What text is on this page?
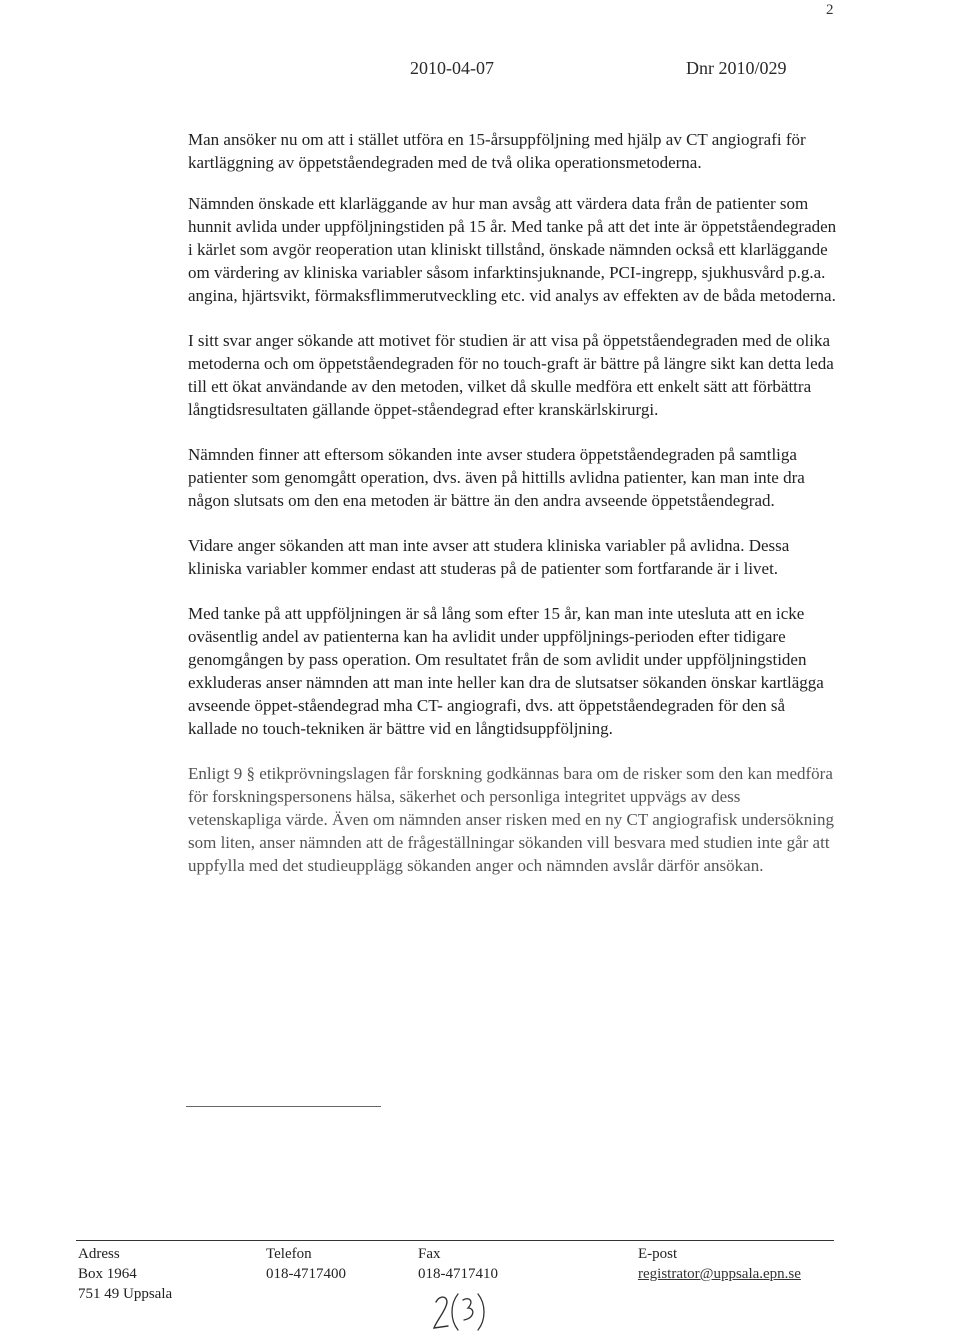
2
2010-04-07	Dnr 2010/029

Man ansöker nu om att i stället utföra en 15-årsuppföljning med hjälp av CT angiografi för kartläggning av öppetståendegraden med de två olika operationsmetoderna.

Nämnden önskade ett klarläggande av hur man avsåg att värdera data från de patienter som hunnit avlida under uppföljningstiden på 15 år. Med tanke på att det inte är öppetståendegraden i kärlet som avgör reoperation utan kliniskt tillstånd, önskade nämnden också ett klarläggande om värdering av kliniska variabler såsom infarktinsjuknande, PCI-ingrepp, sjukhusvård p.g.a. angina, hjärtsvikt, förmaksflimmerutveckling etc. vid analys av effekten av de båda metoderna.

I sitt svar anger sökande att motivet för studien är att visa på öppetståendegraden med de olika metoderna och om öppetståendegraden för no touch-graft är bättre på längre sikt kan detta leda till ett ökat användande av den metoden, vilket då skulle medföra ett enkelt sätt att förbättra långtidsresultaten gällande öppet-ståendegrad efter kranskärlskirurgi.

Nämnden finner att eftersom sökanden inte avser studera öppetståendegraden på samtliga patienter som genomgått operation, dvs. även på hittills avlidna patienter, kan man inte dra någon slutsats om den ena metoden är bättre än den andra avseende öppetståendegrad.

Vidare anger sökanden att man inte avser att studera kliniska variabler på avlidna. Dessa kliniska variabler kommer endast att studeras på de patienter som fortfarande är i livet.

Med tanke på att uppföljningen är så lång som efter 15 år, kan man inte utesluta att en icke oväsentlig andel av patienterna kan ha avlidit under uppföljnings-perioden efter tidigare genomgången by pass operation. Om resultatet från de som avlidit under uppföljningstiden exkluderas anser nämnden att man inte heller kan dra de slutsatser sökanden önskar kartlägga avseende öppet-ståendegrad mha CT- angiografi, dvs. att öppetståendegraden för den så kallade no touch-tekniken är bättre vid en långtidsuppföljning.

Enligt 9 § etikprövningslagen får forskning godkännas bara om de risker som den kan medföra för forskningspersonens hälsa, säkerhet och personliga integritet uppvägs av dess vetenskapliga värde. Även om nämnden anser risken med en ny CT angiografisk undersökning som liten, anser nämnden att de frågeställningar sökanden vill besvara med studien inte går att uppfylla med det studieupplägg sökanden anger och nämnden avslår därför ansökan.

Adress
Box 1964
751 49 Uppsala
Telefon
018-4717400
Fax
018-4717410
E-post
registrator@uppsala.epn.se
